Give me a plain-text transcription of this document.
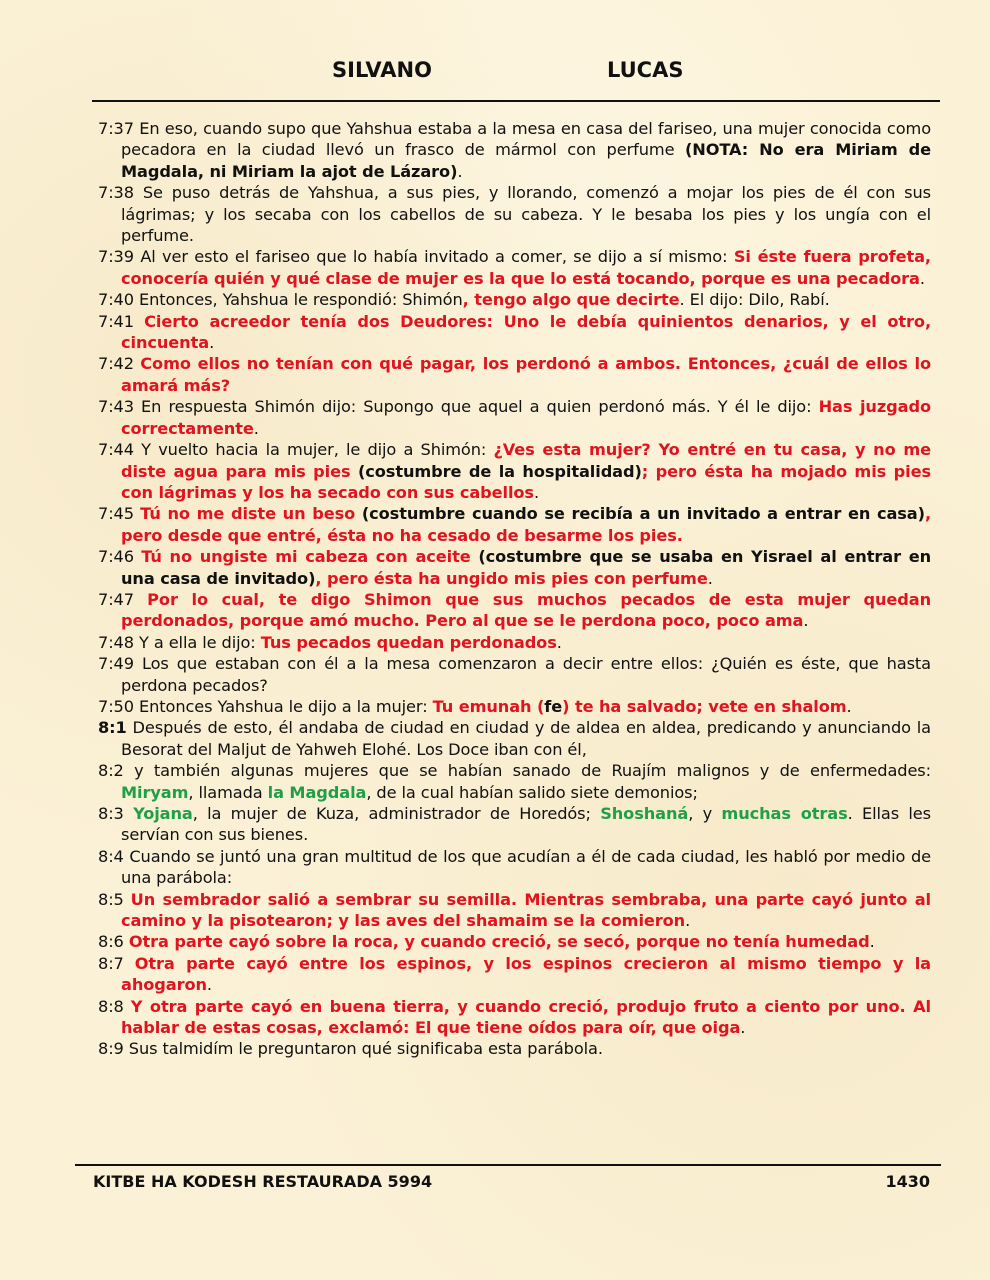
SILVANO	LUCAS

7:37 En eso, cuando supo que Yahshua estaba a la mesa en casa del fariseo, una mujer conocida como pecadora en la ciudad llevó un frasco de mármol con perfume (NOTA: No era Miriam de Magdala, ni Miriam la ajot de Lázaro).

7:38 Se puso detrás de Yahshua, a sus pies, y llorando, comenzó a mojar los pies de él con sus lágrimas; y los secaba con los cabellos de su cabeza. Y le besaba los pies y los ungía con el perfume.

7:39 Al ver esto el fariseo que lo había invitado a comer, se dijo a sí mismo: Si éste fuera profeta, conocería quién y qué clase de mujer es la que lo está tocando, porque es una pecadora.

7:40 Entonces, Yahshua le respondió: Shimón, tengo algo que decirte. El dijo: Dilo, Rabí.

7:41 Cierto acreedor tenía dos Deudores: Uno le debía quinientos denarios, y el otro, cincuenta.

7:42 Como ellos no tenían con qué pagar, los perdonó a ambos. Entonces, ¿cuál de ellos lo amará más?

7:43 En respuesta Shimón dijo: Supongo que aquel a quien perdonó más. Y él le dijo: Has juzgado correctamente.

7:44 Y vuelto hacia la mujer, le dijo a Shimón: ¿Ves esta mujer? Yo entré en tu casa, y no me diste agua para mis pies (costumbre de la hospitalidad); pero ésta ha mojado mis pies con lágrimas y los ha secado con sus cabellos.

7:45 Tú no me diste un beso (costumbre cuando se recibía a un invitado a entrar en casa), pero desde que entré, ésta no ha cesado de besarme los pies.

7:46 Tú no ungiste mi cabeza con aceite (costumbre que se usaba en Yisrael al entrar en una casa de invitado), pero ésta ha ungido mis pies con perfume.

7:47 Por lo cual, te digo Shimon que sus muchos pecados de esta mujer quedan perdonados, porque amó mucho. Pero al que se le perdona poco, poco ama.

7:48 Y a ella le dijo: Tus pecados quedan perdonados.

7:49 Los que estaban con él a la mesa comenzaron a decir entre ellos: ¿Quién es éste, que hasta perdona pecados?

7:50 Entonces Yahshua le dijo a la mujer: Tu emunah (fe) te ha salvado; vete en shalom.

8:1 Después de esto, él andaba de ciudad en ciudad y de aldea en aldea, predicando y anunciando la Besorat del Maljut de Yahweh Elohé. Los Doce iban con él,

8:2 y también algunas mujeres que se habían sanado de Ruajím malignos y de enfermedades: Miryam, llamada la Magdala, de la cual habían salido siete demonios;

8:3 Yojana, la mujer de Kuza, administrador de Horedós; Shoshaná, y muchas otras. Ellas les servían con sus bienes.

8:4 Cuando se juntó una gran multitud de los que acudían a él de cada ciudad, les habló por medio de una parábola:

8:5 Un sembrador salió a sembrar su semilla. Mientras sembraba, una parte cayó junto al camino y la pisotearon; y las aves del shamaim se la comieron.

8:6 Otra parte cayó sobre la roca, y cuando creció, se secó, porque no tenía humedad.

8:7 Otra parte cayó entre los espinos, y los espinos crecieron al mismo tiempo y la ahogaron.

8:8 Y otra parte cayó en buena tierra, y cuando creció, produjo fruto a ciento por uno. Al hablar de estas cosas, exclamó: El que tiene oídos para oír, que oiga.

8:9 Sus talmidím le preguntaron qué significaba esta parábola.

KITBE HA KODESH RESTAURADA 5994	1430
